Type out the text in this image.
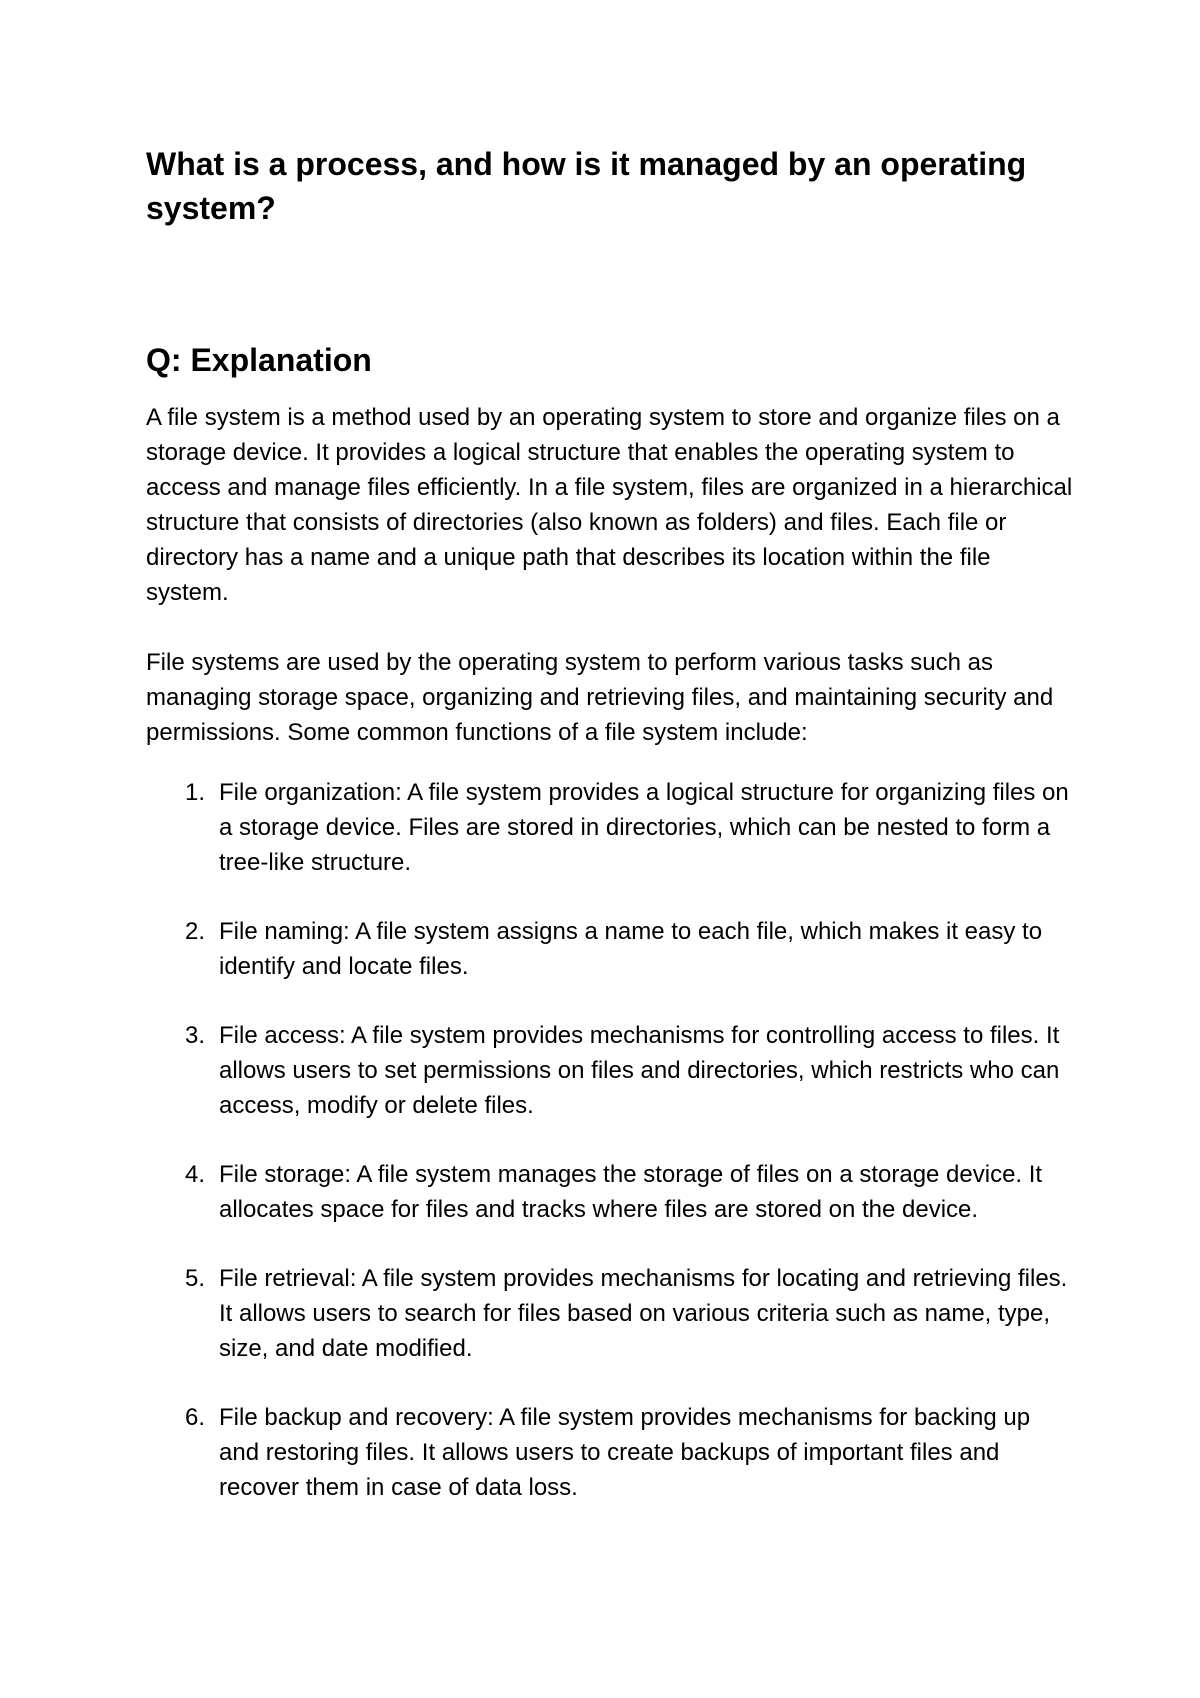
What is a process, and how is it managed by an operating system?
Q: Explanation

A file system is a method used by an operating system to store and organize files on a storage device. It provides a logical structure that enables the operating system to access and manage files efficiently. In a file system, files are organized in a hierarchical structure that consists of directories (also known as folders) and files. Each file or directory has a name and a unique path that describes its location within the file system.

File systems are used by the operating system to perform various tasks such as managing storage space, organizing and retrieving files, and maintaining security and permissions. Some common functions of a file system include:

1. File organization: A file system provides a logical structure for organizing files on a storage device. Files are stored in directories, which can be nested to form a tree-like structure.
2. File naming: A file system assigns a name to each file, which makes it easy to identify and locate files.
3. File access: A file system provides mechanisms for controlling access to files. It allows users to set permissions on files and directories, which restricts who can access, modify or delete files.
4. File storage: A file system manages the storage of files on a storage device. It allocates space for files and tracks where files are stored on the device.
5. File retrieval: A file system provides mechanisms for locating and retrieving files. It allows users to search for files based on various criteria such as name, type, size, and date modified.
6. File backup and recovery: A file system provides mechanisms for backing up and restoring files. It allows users to create backups of important files and recover them in case of data loss.
